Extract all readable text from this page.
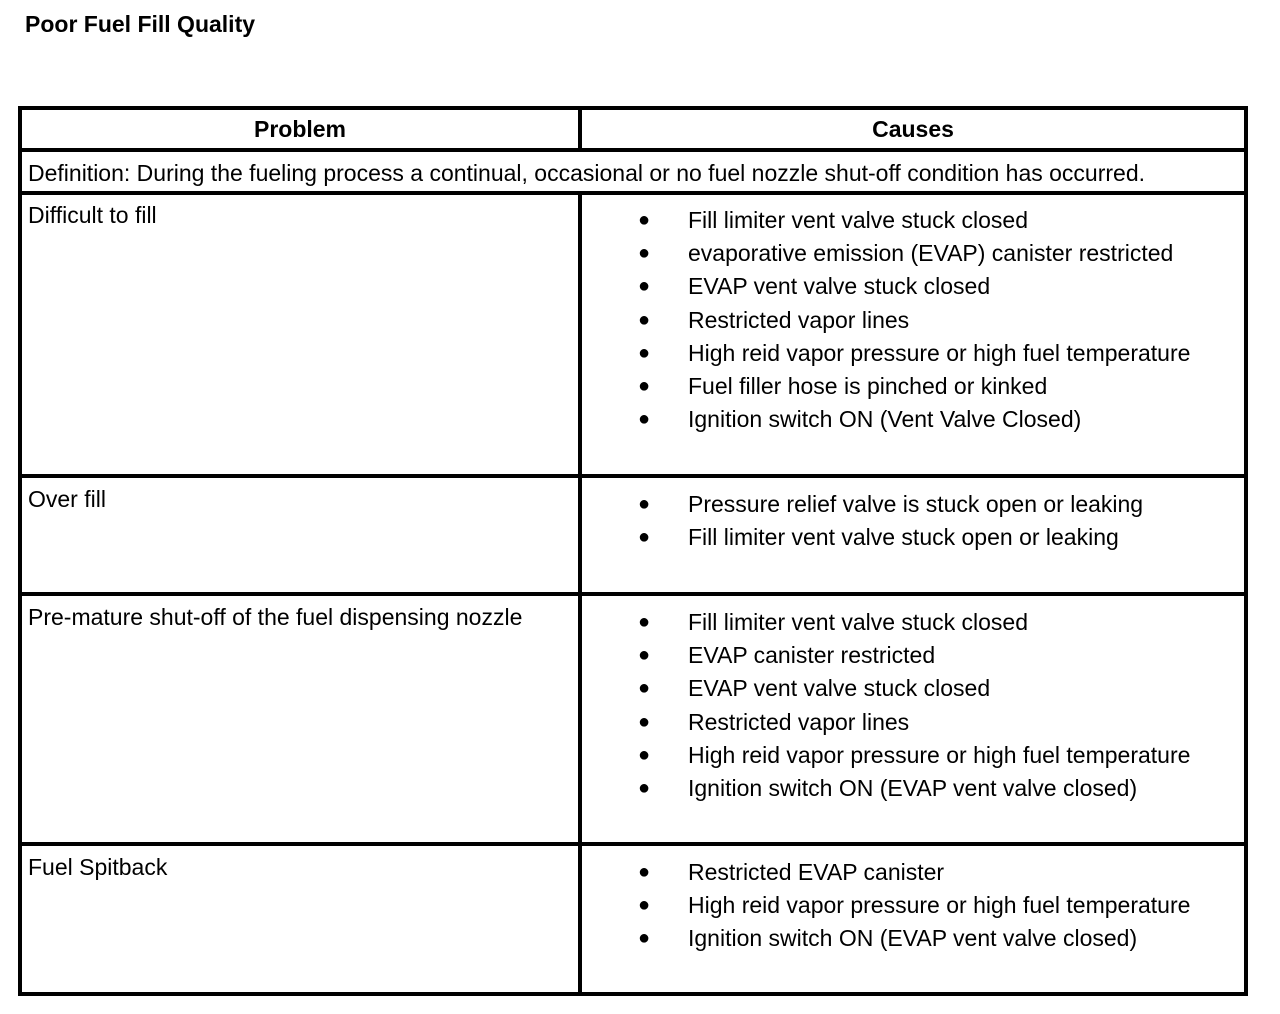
Poor Fuel Fill Quality
Problem	Causes
Definition: During the fueling process a continual, occasional or no fuel nozzle shut-off condition has occurred.
Difficult to fill	● Fill limiter vent valve stuck closed
● evaporative emission (EVAP) canister restricted
● EVAP vent valve stuck closed
● Restricted vapor lines
● High reid vapor pressure or high fuel temperature
● Fuel filler hose is pinched or kinked
● Ignition switch ON (Vent Valve Closed)
Over fill	● Pressure relief valve is stuck open or leaking
● Fill limiter vent valve stuck open or leaking
Pre-mature shut-off of the fuel dispensing nozzle	● Fill limiter vent valve stuck closed
● EVAP canister restricted
● EVAP vent valve stuck closed
● Restricted vapor lines
● High reid vapor pressure or high fuel temperature
● Ignition switch ON (EVAP vent valve closed)
Fuel Spitback	● Restricted EVAP canister
● High reid vapor pressure or high fuel temperature
● Ignition switch ON (EVAP vent valve closed)
